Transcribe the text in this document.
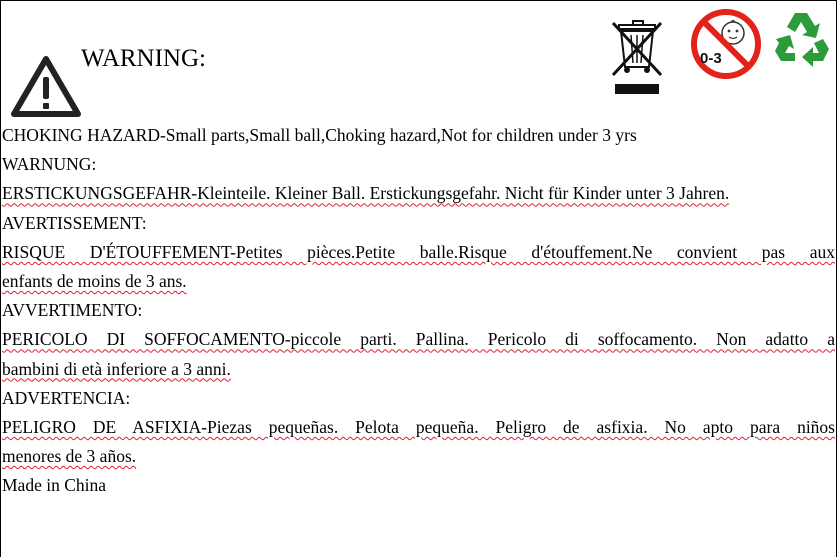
WARNING:	0-3
CHOKING HAZARD-Small parts,Small ball,Choking hazard,Not for children under 3 yrs
WARNUNG:
ERSTICKUNGSGEFAHR-Kleinteile. Kleiner Ball. Erstickungsgefahr. Nicht für Kinder unter 3 Jahren.
AVERTISSEMENT:
RISQUE D'ÉTOUFFEMENT-Petites pièces.Petite balle.Risque d'étouffement.Ne convient pas aux
enfants de moins de 3 ans.
AVVERTIMENTO:
PERICOLO DI SOFFOCAMENTO-piccole parti. Pallina. Pericolo di soffocamento. Non adatto a
bambini di età inferiore a 3 anni.
ADVERTENCIA:
PELIGRO DE ASFIXIA-Piezas pequeñas. Pelota pequeña. Peligro de asfixia. No apto para niños
menores de 3 años.
Made in China
